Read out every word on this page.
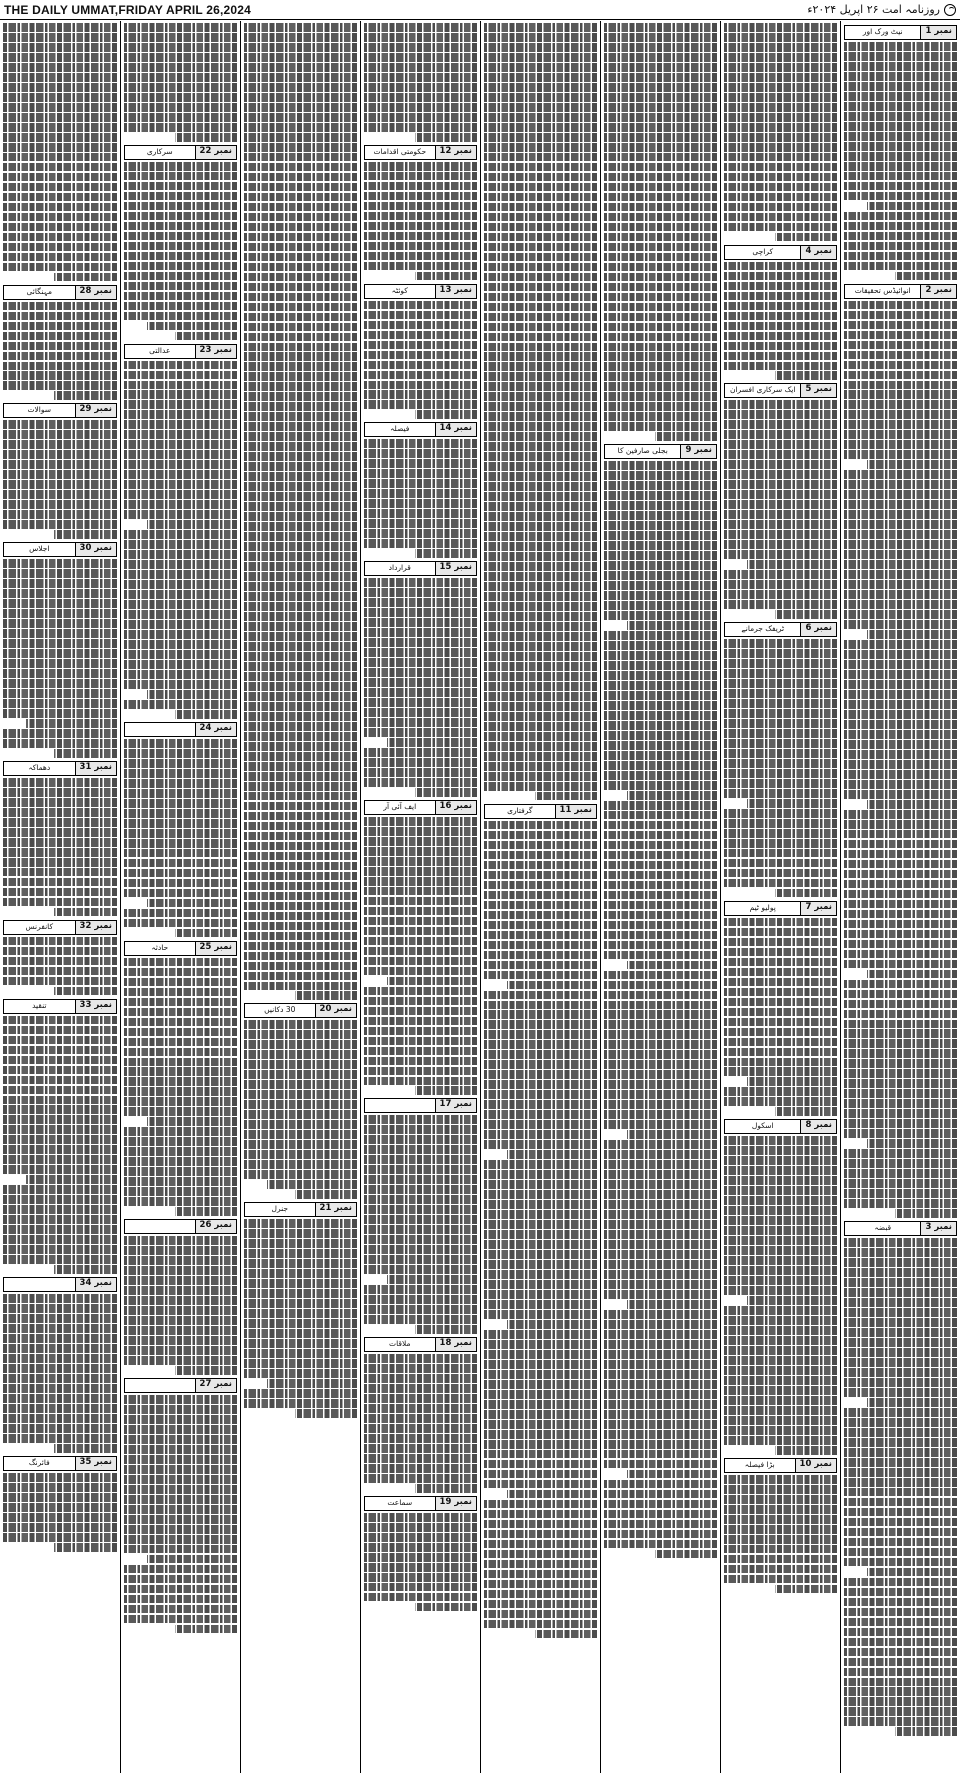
THE DAILY UMMAT,FRIDAY APRIL 26,2024	روزنامہ امت ۲۶ اپریل ۲۰۲۴ء
نمبر 1
نیٹ ورک اور
نمبر 2
انوائیڈس تحقیقات
نمبر 3
قبضہ
نمبر 4
کراچی
نمبر 5
ایک سرکاری افسران
نمبر 6
ٹریفک جرمانے
نمبر 7
پولیو ٹیم
نمبر 8
اسکول
نمبر 10
بڑا فیصلہ
نمبر 9
بجلی صارفین کا
نمبر 11
گرفتاری
نمبر 12
حکومتی اقدامات
نمبر 13
کوئٹہ
نمبر 14
فیصلہ
نمبر 15
قرارداد
نمبر 16
ایف آئی آر
نمبر 17
نمبر 18
ملاقات
نمبر 19
سماعت
نمبر 20
30 دکانیں
نمبر 21
جنرل
نمبر 22
سرکاری
نمبر 23
عدالتی
نمبر 24
نمبر 25
حادثہ
نمبر 26
نمبر 27
نمبر 28
مہنگائی
نمبر 29
سوالات
نمبر 30
اجلاس
نمبر 31
دھماکہ
نمبر 32
کانفرنس
نمبر 33
تنقید
نمبر 34
نمبر 35
فائرنگ
